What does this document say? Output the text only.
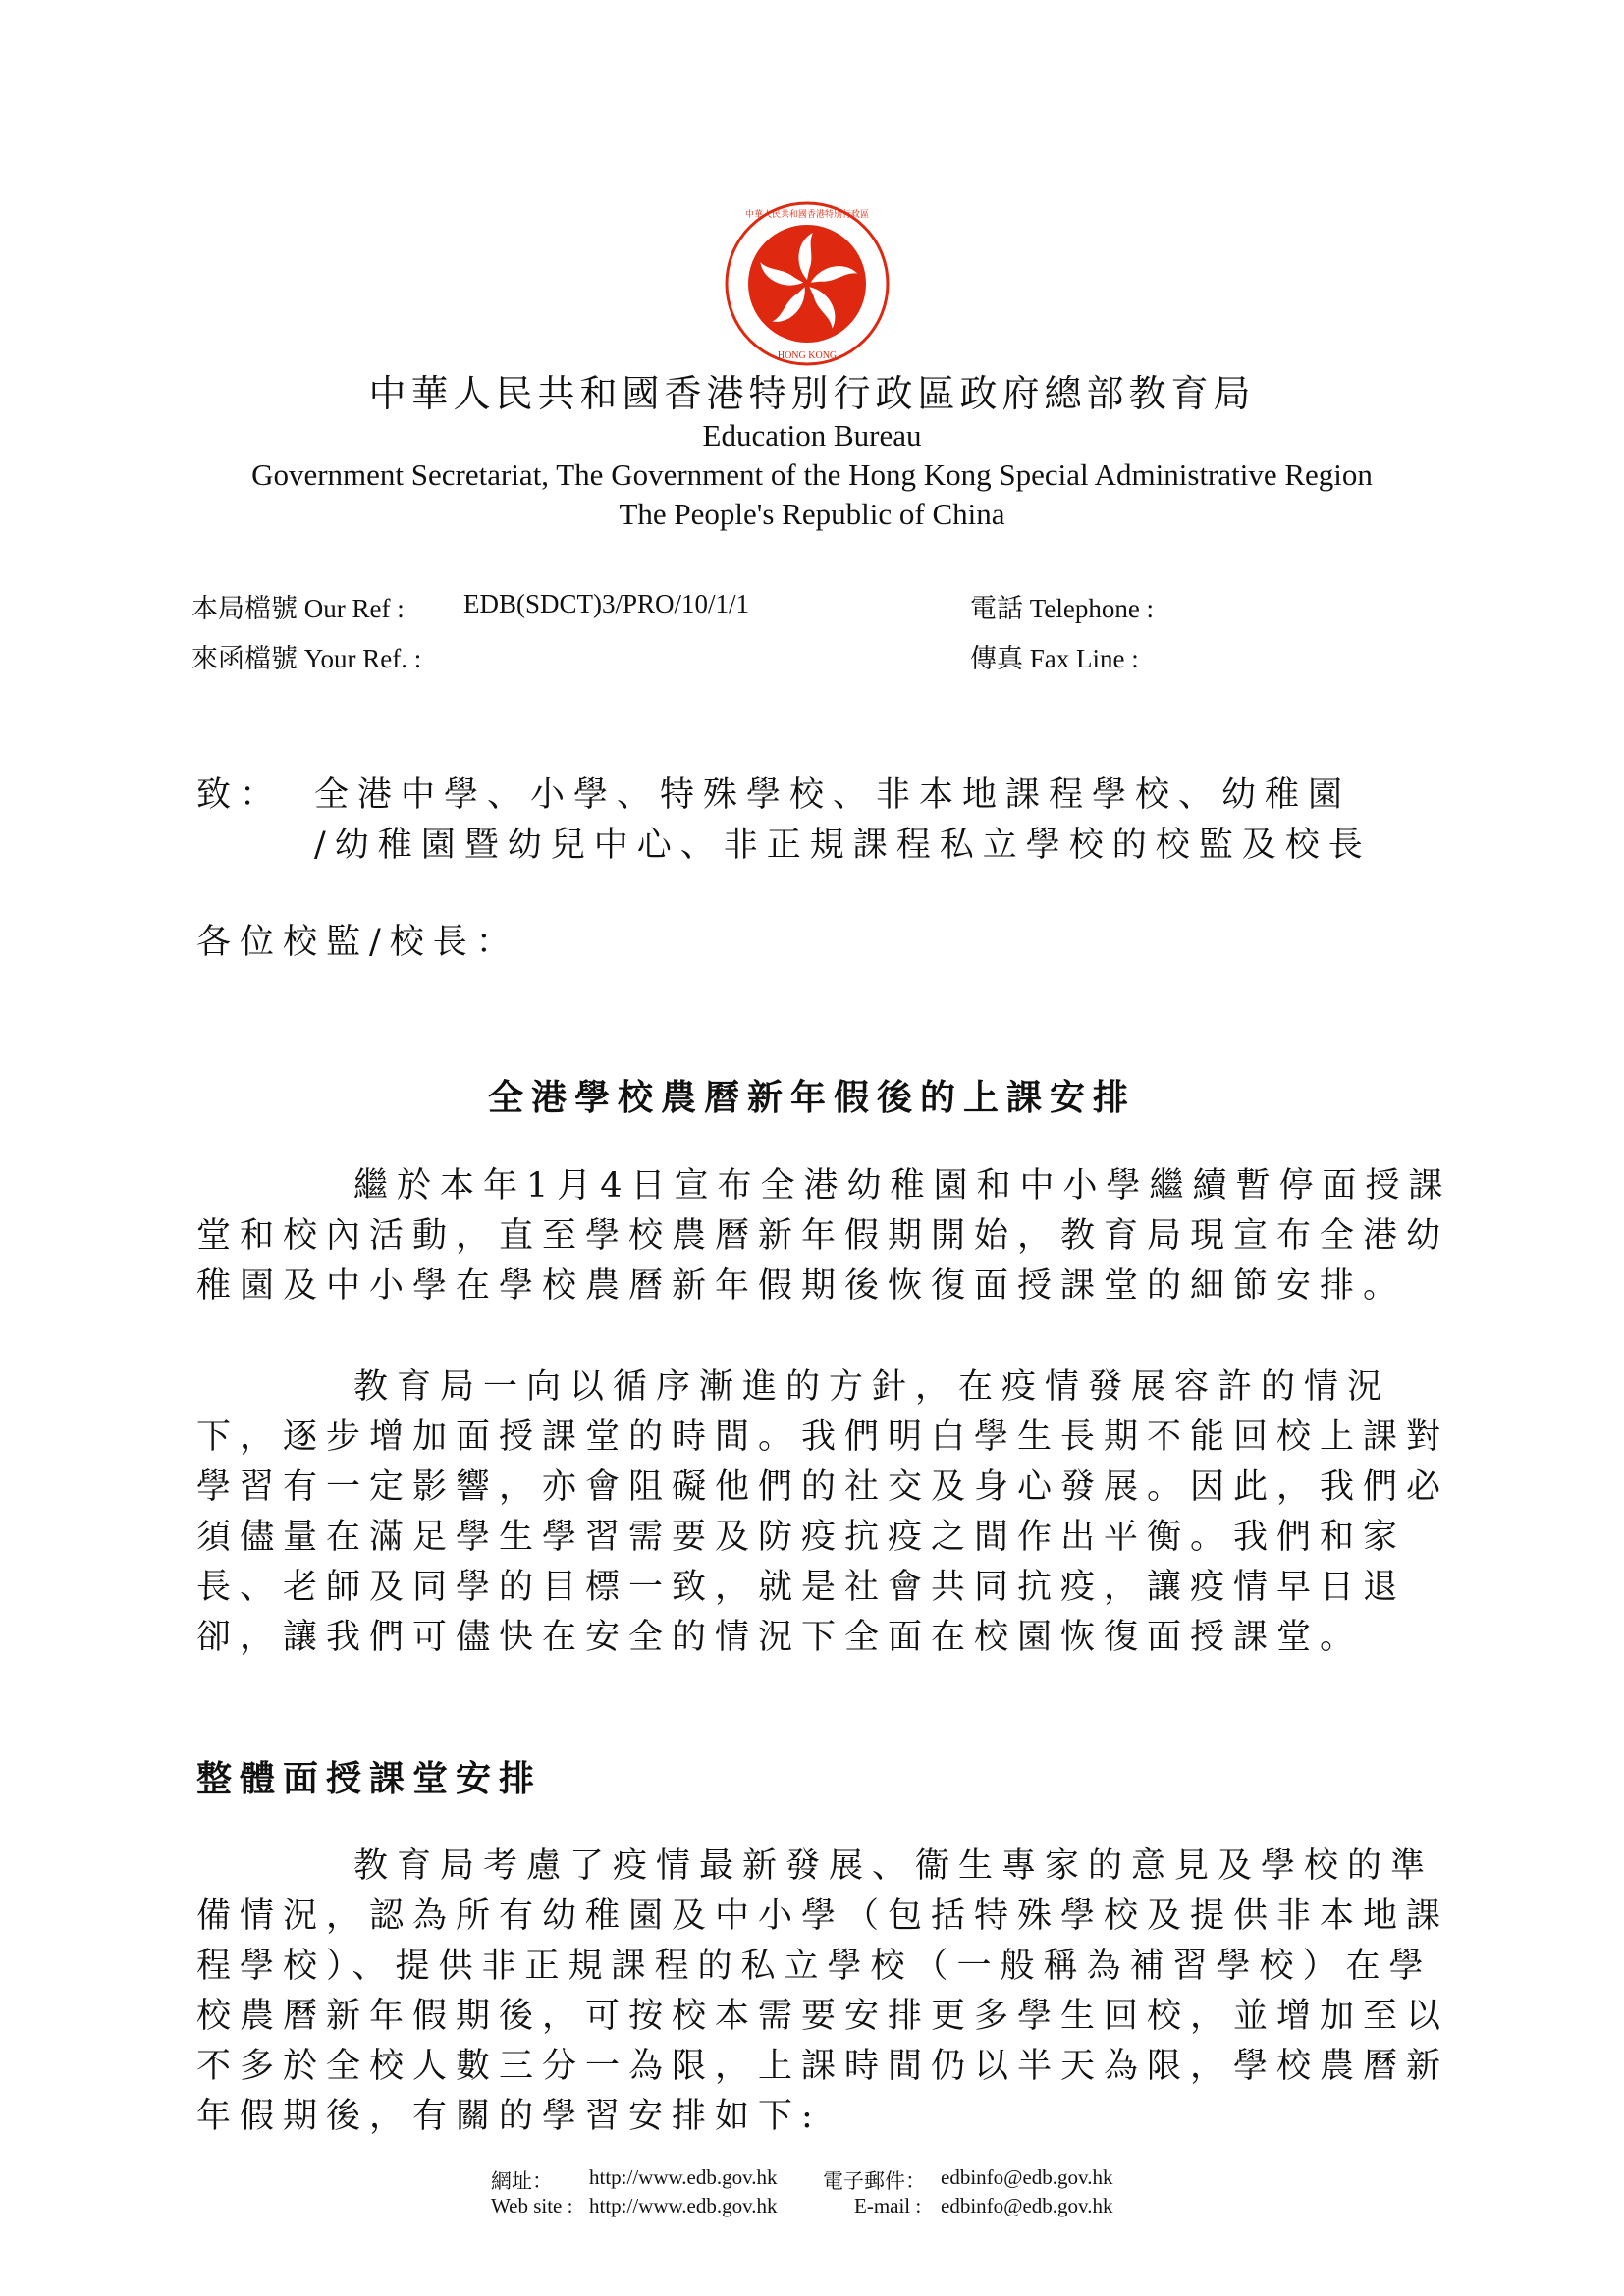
中華人民共和國香港特別行政區
HONG KONG
中華人民共和國香港特別行政區政府總部教育局
Education Bureau
Government Secretariat, The Government of the Hong Kong Special Administrative Region
The People's Republic of China
本局檔號 Our Ref : EDB(SDCT)3/PRO/10/1/1
來函檔號 Your Ref. :
電話 Telephone :
傳真 Fax Line :
致： 全港中學、小學、特殊學校、非本地課程學校、幼稚園
/幼稚園暨幼兒中心、非正規課程私立學校的校監及校長
各位校監/校長：
全港學校農曆新年假後的上課安排
繼於本年1月4日宣布全港幼稚園和中小學繼續暫停面授課堂和校內活動，直至學校農曆新年假期開始，教育局現宣布全港幼稚園及中小學在學校農曆新年假期後恢復面授課堂的細節安排。
教育局一向以循序漸進的方針，在疫情發展容許的情況下，逐步增加面授課堂的時間。我們明白學生長期不能回校上課對學習有一定影響，亦會阻礙他們的社交及身心發展。因此，我們必須儘量在滿足學生學習需要及防疫抗疫之間作出平衡。我們和家長、老師及同學的目標一致，就是社會共同抗疫，讓疫情早日退卻，讓我們可儘快在安全的情況下全面在校園恢復面授課堂。
整體面授課堂安排
教育局考慮了疫情最新發展、衞生專家的意見及學校的準備情況，認為所有幼稚園及中小學（包括特殊學校及提供非本地課程學校）、提供非正規課程的私立學校（一般稱為補習學校）在學校農曆新年假期後，可按校本需要安排更多學生回校，並增加至以不多於全校人數三分一為限，上課時間仍以半天為限，學校農曆新年假期後，有關的學習安排如下:
網址： http://www.edb.gov.hk 電子郵件： edbinfo@edb.gov.hk
Web site : http://www.edb.gov.hk	E-mail : edbinfo@edb.gov.hk
